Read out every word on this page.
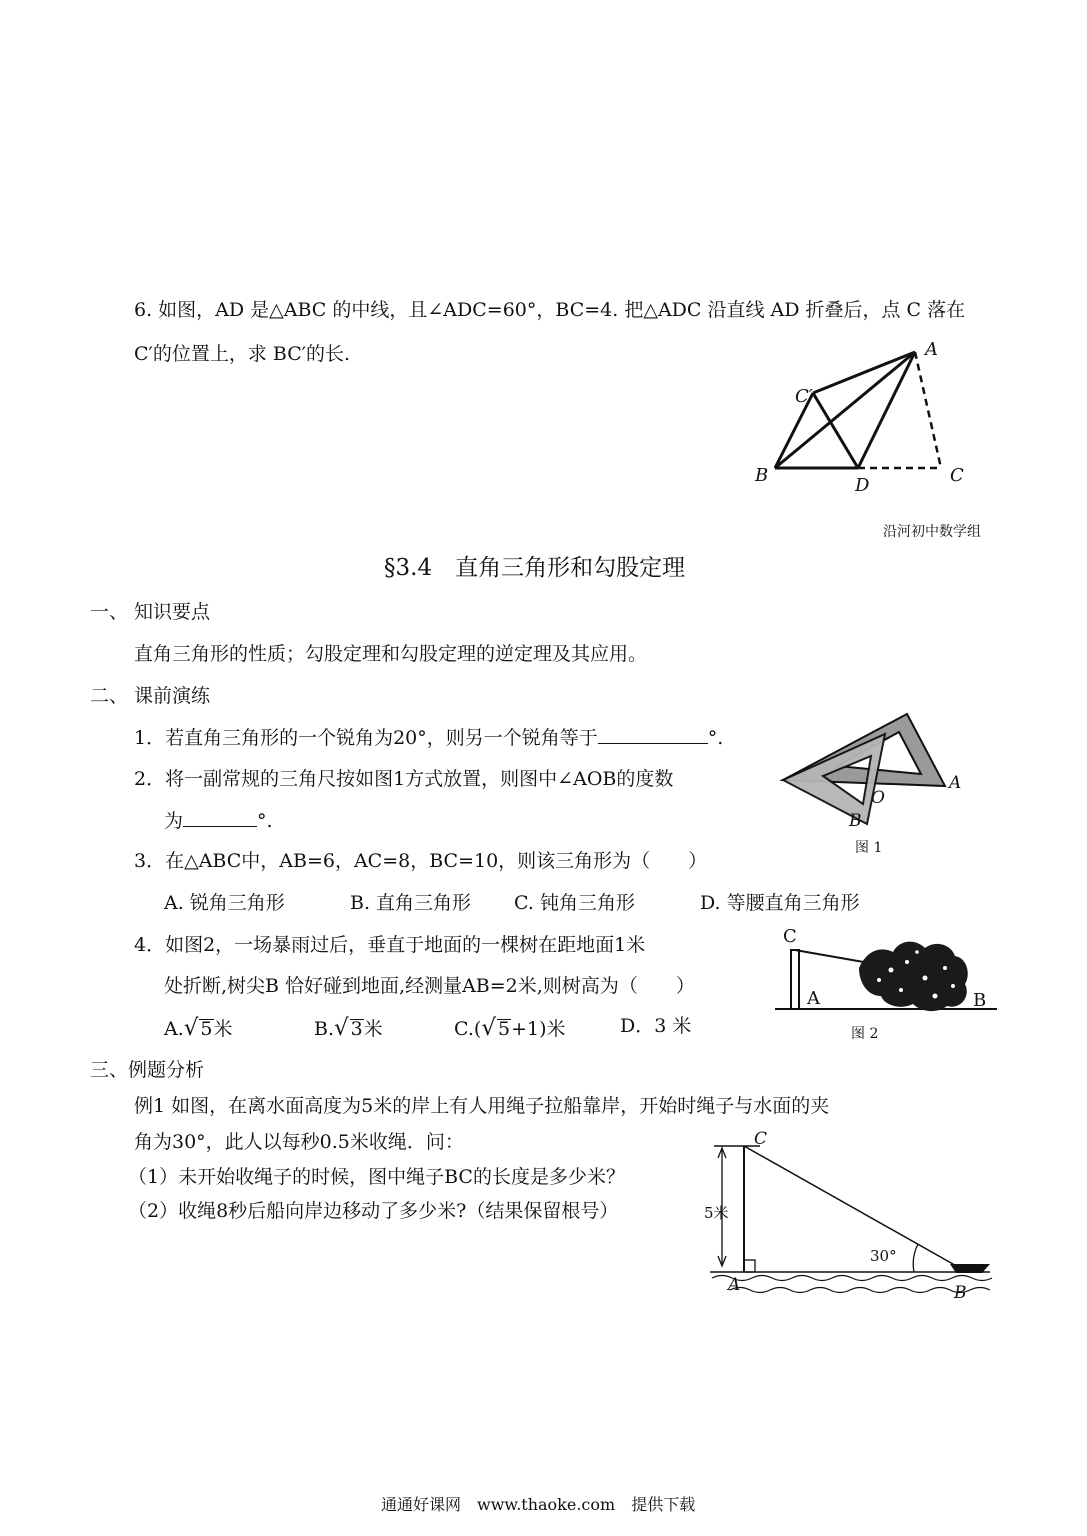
6. 如图，AD 是△ABC 的中线，且∠ADC=60°，BC=4. 把△ADC 沿直线 AD 折叠后，点 C 落在
C′的位置上，求 BC′的长.	A
B	D	C
C′
沿河初中数学组
§3.4　直角三角形和勾股定理
一、 知识要点
直角三角形的性质；勾股定理和勾股定理的逆定理及其应用。
二、 课前演练
1．若直角三角形的一个锐角为20°，则另一个锐角等于	°.
2．将一副常规的三角尺按如图1方式放置，则图中∠AOB的度数
为	°.
A
O
B
图 1
3．在△ABC中，AB=6，AC=8，BC=10，则该三角形为（　　）
A. 锐角三角形	B. 直角三角形 C. 钝角三角形	D. 等腰直角三角形
4．如图2，一场暴雨过后，垂直于地面的一棵树在距地面1米
处折断,树尖B 恰好碰到地面,经测量AB=2米,则树高为（　　）
A.√ 5米	B.√ 3米	C.(√ 5+1)米	D．3 米
C
A	B
图 2
三、例题分析
例1 如图，在离水面高度为5米的岸上有人用绳子拉船靠岸，开始时绳子与水面的夹
角为30°，此人以每秒0.5米收绳．问：
（1）未开始收绳子的时候，图中绳子BC的长度是多少米？
（2）收绳8秒后船向岸边移动了多少米?（结果保留根号）
C
A	B
5米
30°
通通好课网　www.thaoke.com　提供下载
